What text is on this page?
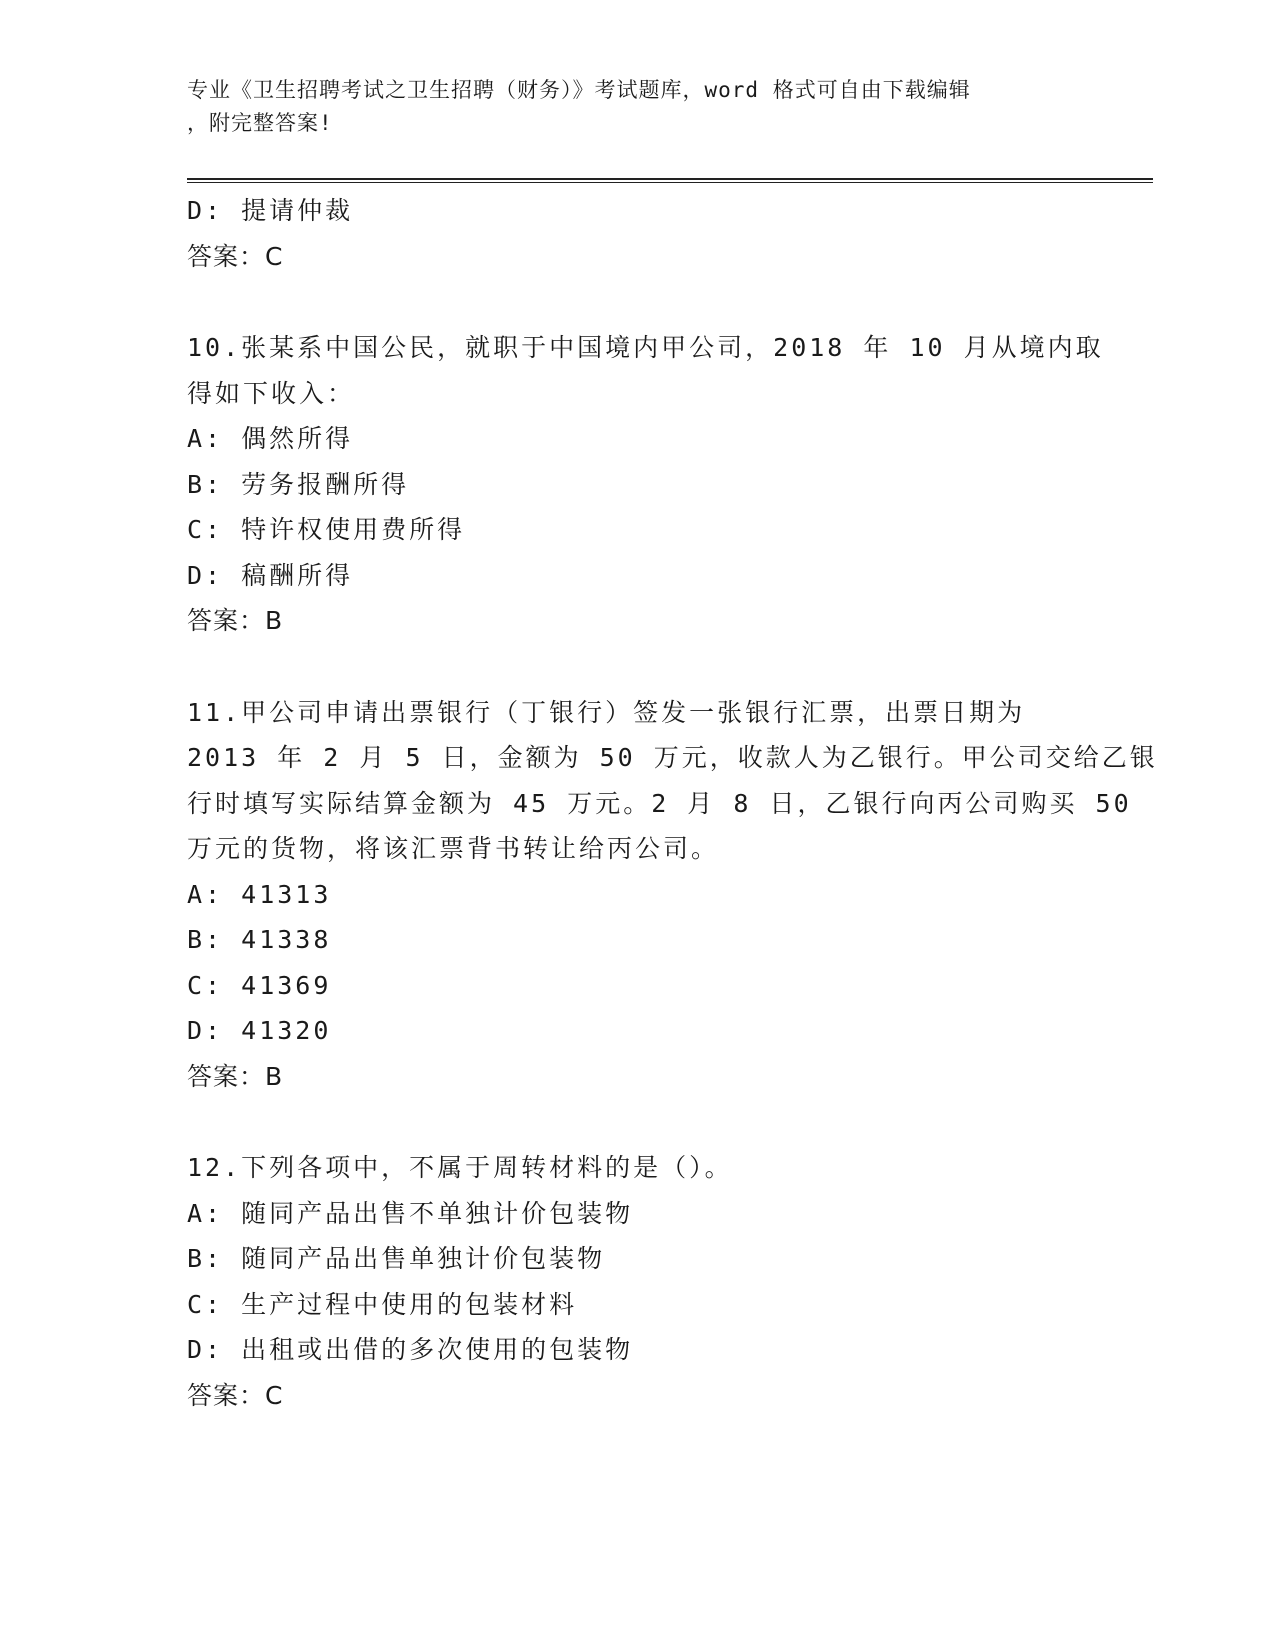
专业《卫生招聘考试之卫生招聘（财务）》考试题库，word 格式可自由下载编辑
，附完整答案!
D: 提请仲裁
答案：C
10.张某系中国公民，就职于中国境内甲公司，2018 年 10 月从境内取
得如下收入：
A: 偶然所得
B: 劳务报酬所得
C: 特许权使用费所得
D: 稿酬所得
答案：B
11.甲公司申请出票银行（丁银行）签发一张银行汇票，出票日期为
2013 年 2 月 5 日，金额为 50 万元，收款人为乙银行。甲公司交给乙银
行时填写实际结算金额为 45 万元。2 月 8 日，乙银行向丙公司购买 50
万元的货物，将该汇票背书转让给丙公司。
A: 41313
B: 41338
C: 41369
D: 41320
答案：B
12.下列各项中，不属于周转材料的是（）。
A: 随同产品出售不单独计价包装物
B: 随同产品出售单独计价包装物
C: 生产过程中使用的包装材料
D: 出租或出借的多次使用的包装物
答案：C
